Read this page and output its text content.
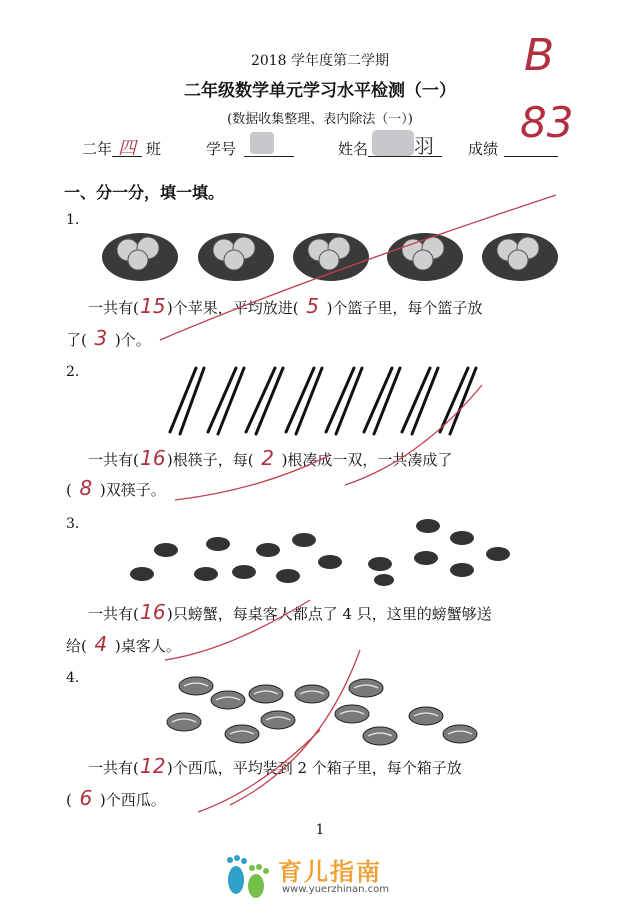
2018 学年度第二学期
二年级数学单元学习水平检测（一）
(数据收集整理、表内除法（一）)
B
83
二年 四 班	学号	姓名 羽 成绩
一、分一分，填一填。
1.
一共有(15)个苹果，平均放进( 5 )个篮子里，每个篮子放
了( 3 )个。
2.
一共有(16)根筷子，每( 2 )根凑成一双，一共凑成了
( 8 )双筷子。
3.
一共有(16)只螃蟹，每桌客人都点了 4 只，这里的螃蟹够送
给( 4 )桌客人。
4.
一共有(12)个西瓜，平均装到 2 个箱子里，每个箱子放
( 6 )个西瓜。
1
育儿指南
www.yuerzhinan.com
